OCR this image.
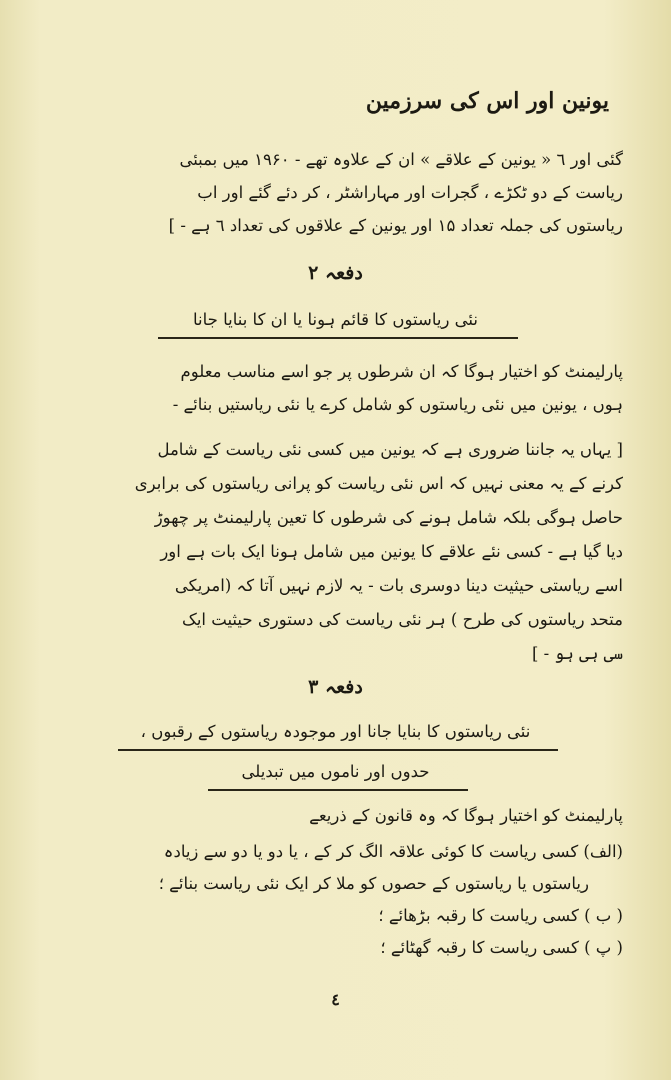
یونین اور اس کی سرزمین
گئی اور ٦ « یونین کے علاقے » ان کے علاوہ تھے - ۱۹۶۰ میں بمبئی
ریاست کے دو ٹکڑے ، گجرات اور مہاراشٹر ، کر دئے گئے اور اب
ریاستوں کی جملہ تعداد ۱۵ اور یونین کے علاقوں کی تعداد ٦ ہے - ]
دفعہ ۲
نئی ریاستوں کا قائم ہونا یا ان کا بنایا جانا
پارلیمنٹ کو اختیار ہوگا کہ ان شرطوں پر جو اسے مناسب معلوم
ہوں ، یونین میں نئی ریاستوں کو شامل کرے یا نئی ریاستیں بنائے -
[ یہاں یہ جاننا ضروری ہے کہ یونین میں کسی نئی ریاست کے شامل
کرنے کے یہ معنی نہیں کہ اس نئی ریاست کو پرانی ریاستوں کی برابری
حاصل ہوگی بلکہ شامل ہونے کی شرطوں کا تعین پارلیمنٹ پر چھوڑ
دیا گیا ہے - کسی نئے علاقے کا یونین میں شامل ہونا ایک بات ہے اور
اسے ریاستی حیثیت دینا دوسری بات - یہ لازم نہیں آتا کہ (امریکی
متحد ریاستوں کی طرح ) ہر نئی ریاست کی دستوری حیثیت ایک
سی ہی ہو - ]
دفعہ ۳
نئی ریاستوں کا بنایا جانا اور موجودہ ریاستوں کے رقبوں ،
حدوں اور ناموں میں تبدیلی
پارلیمنٹ کو اختیار ہوگا کہ وہ قانون کے ذریعے
(الف) کسی ریاست کا کوئی علاقہ الگ کر کے ، یا دو یا دو سے زیادہ
ریاستوں یا ریاستوں کے حصوں کو ملا کر ایک نئی ریاست بنائے ؛
( ب ) کسی ریاست کا رقبہ بڑھائے ؛
( پ ) کسی ریاست کا رقبہ گھٹائے ؛
٤
